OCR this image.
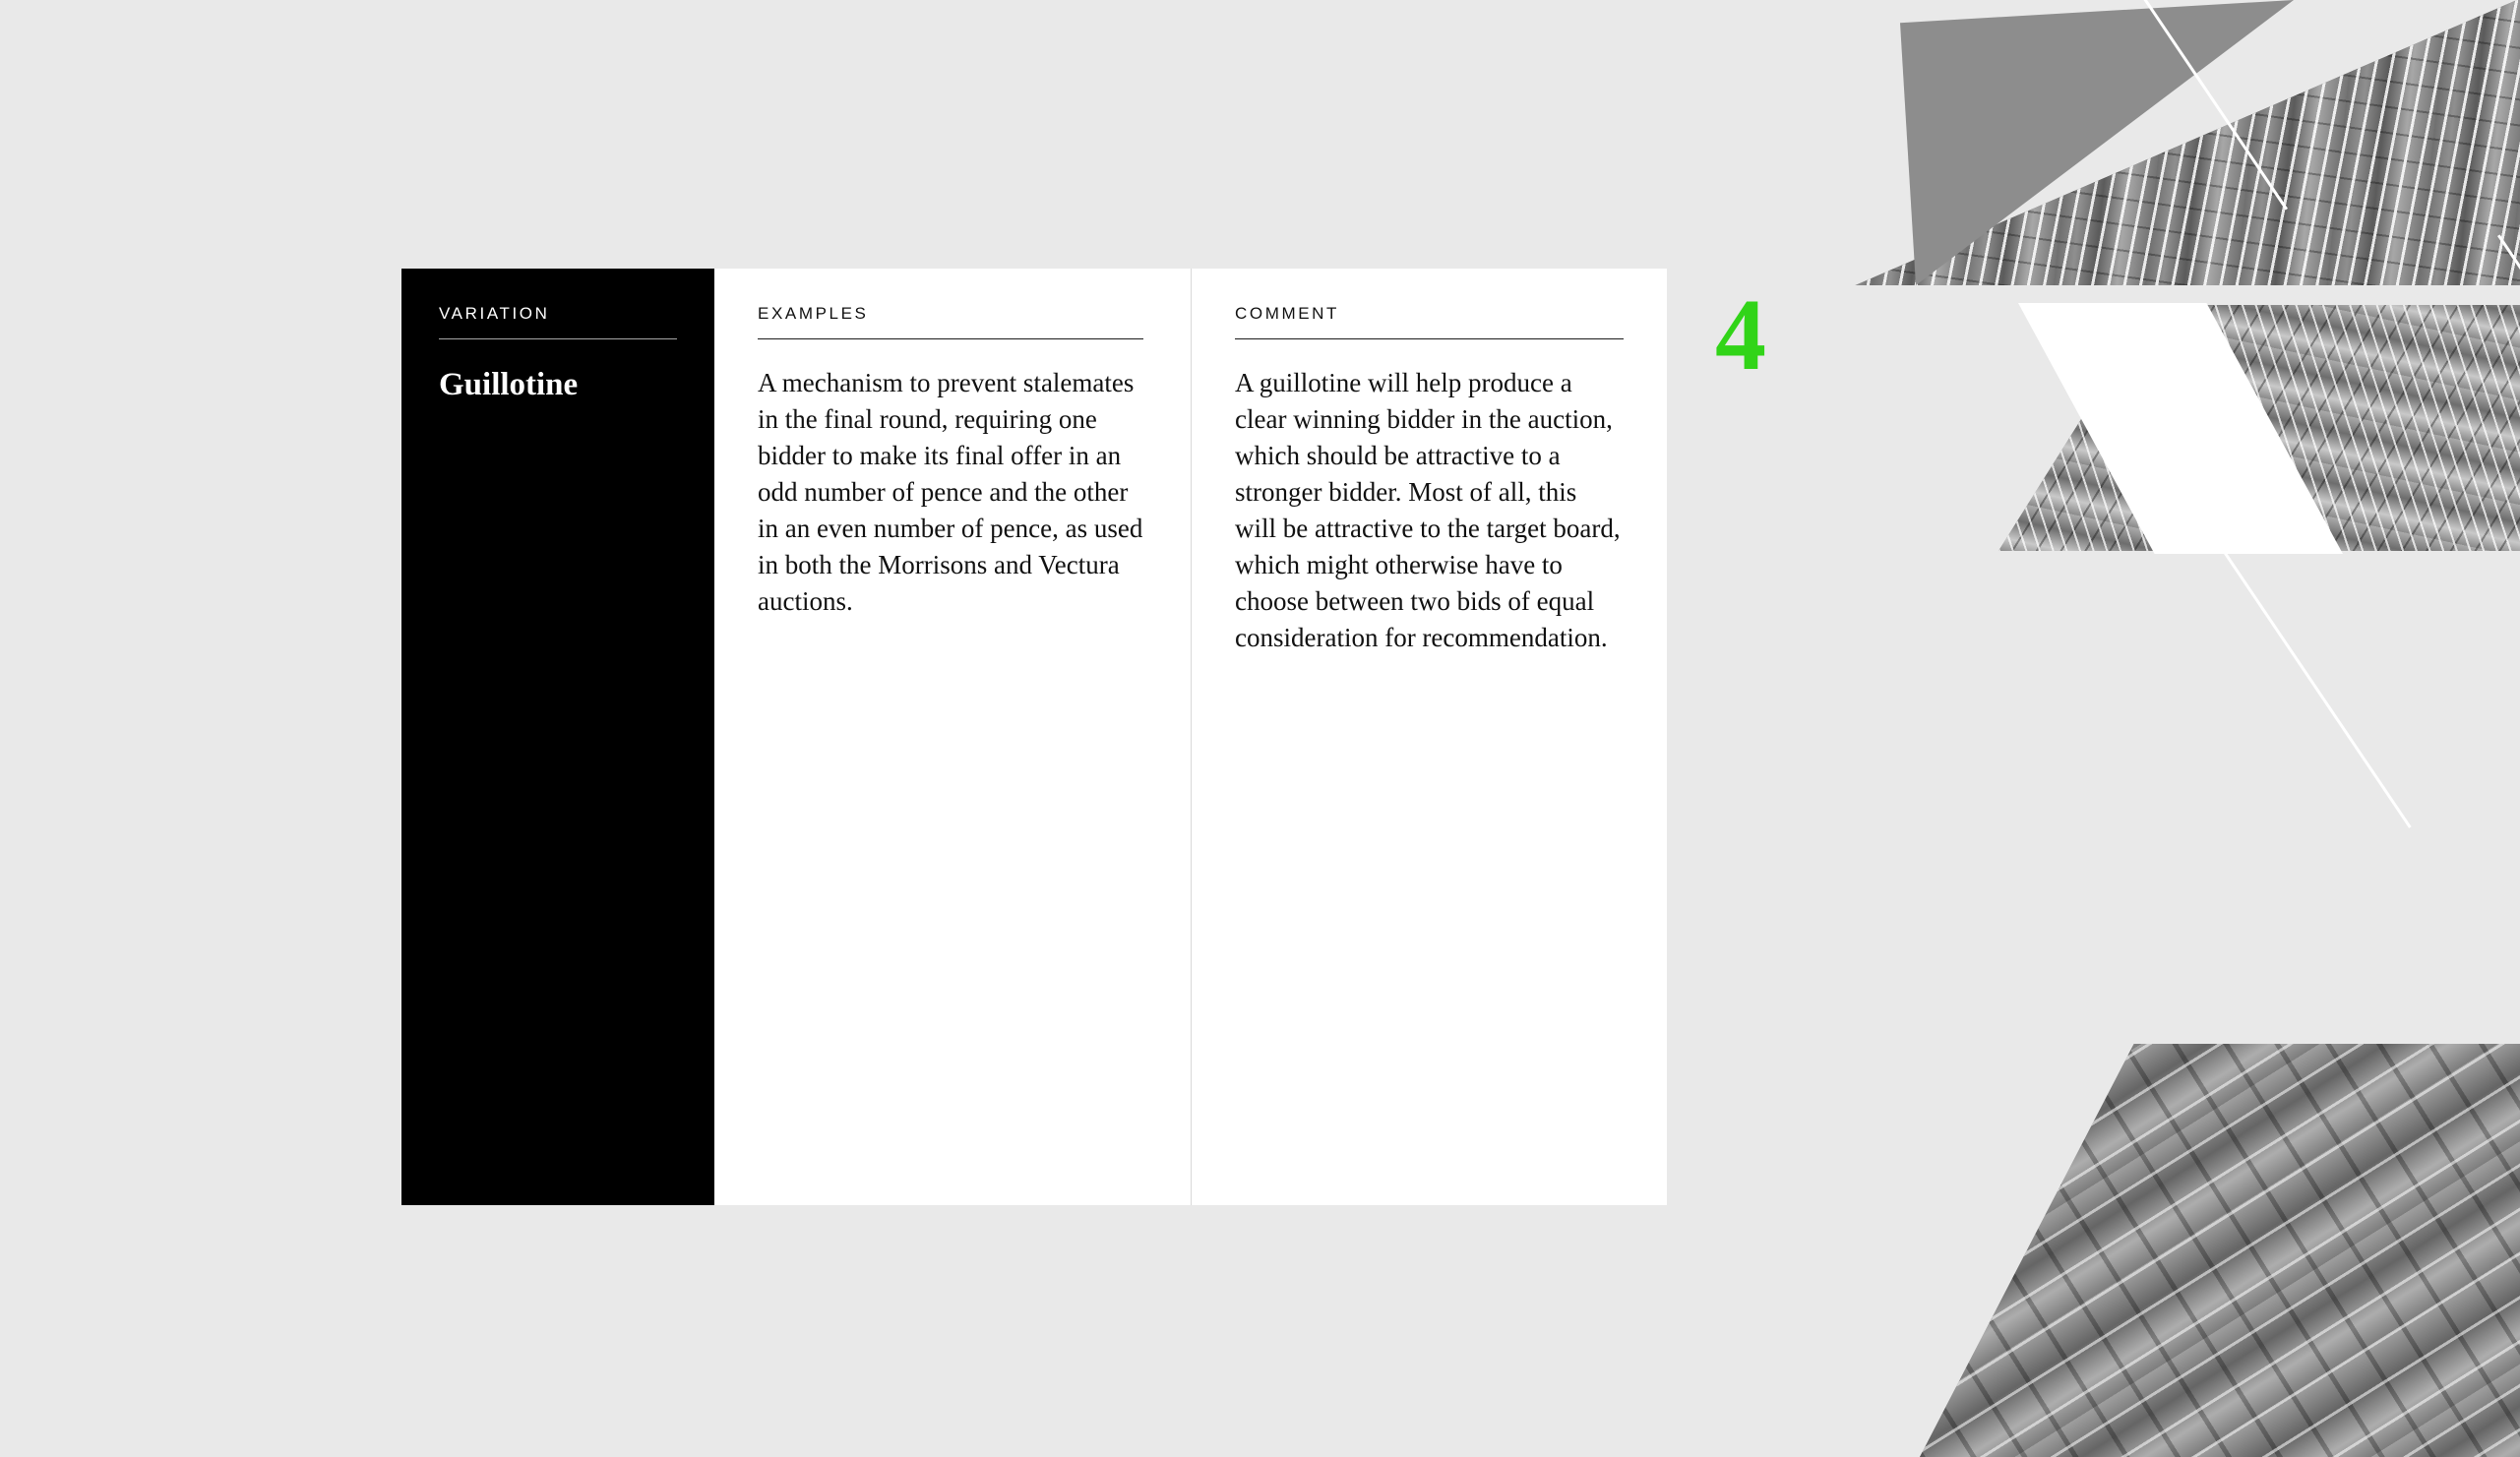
4
VARIATION
Guillotine
EXAMPLES
A mechanism to prevent stalemates in the final round, requiring one bidder to make its final offer in an odd number of pence and the other in an even number of pence, as used in both the Morrisons and Vectura auctions.
COMMENT
A guillotine will help produce a clear winning bidder in the auction, which should be attractive to a stronger bidder. Most of all, this will be attractive to the target board, which might otherwise have to choose between two bids of equal consideration for recommendation.
